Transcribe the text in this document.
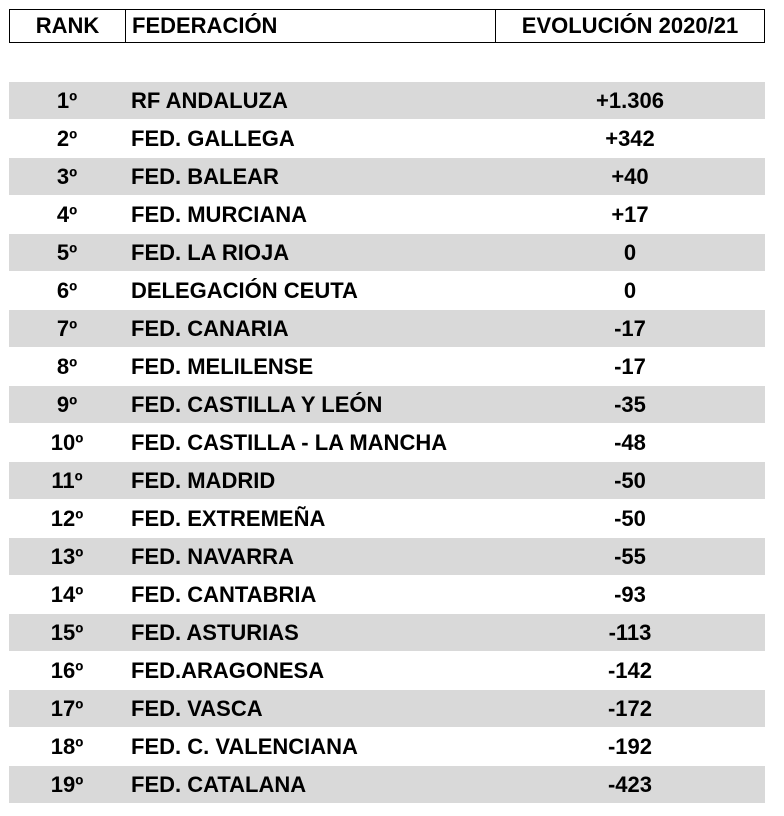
RANK	FEDERACIÓN	EVOLUCIÓN 2020/21
1º	RF ANDALUZA	+1.306
2º	FED. GALLEGA	+342
3º	FED. BALEAR	+40
4º	FED. MURCIANA	+17
5º	FED. LA RIOJA	0
6º	DELEGACIÓN CEUTA	0
7º	FED. CANARIA	-17
8º	FED. MELILENSE	-17
9º	FED. CASTILLA Y LEÓN	-35
10º	FED. CASTILLA - LA MANCHA	-48
11º	FED. MADRID	-50
12º	FED. EXTREMEÑA	-50
13º	FED. NAVARRA	-55
14º	FED. CANTABRIA	-93
15º	FED. ASTURIAS	-113
16º	FED.ARAGONESA	-142
17º	FED. VASCA	-172
18º	FED. C. VALENCIANA	-192
19º	FED. CATALANA	-423
